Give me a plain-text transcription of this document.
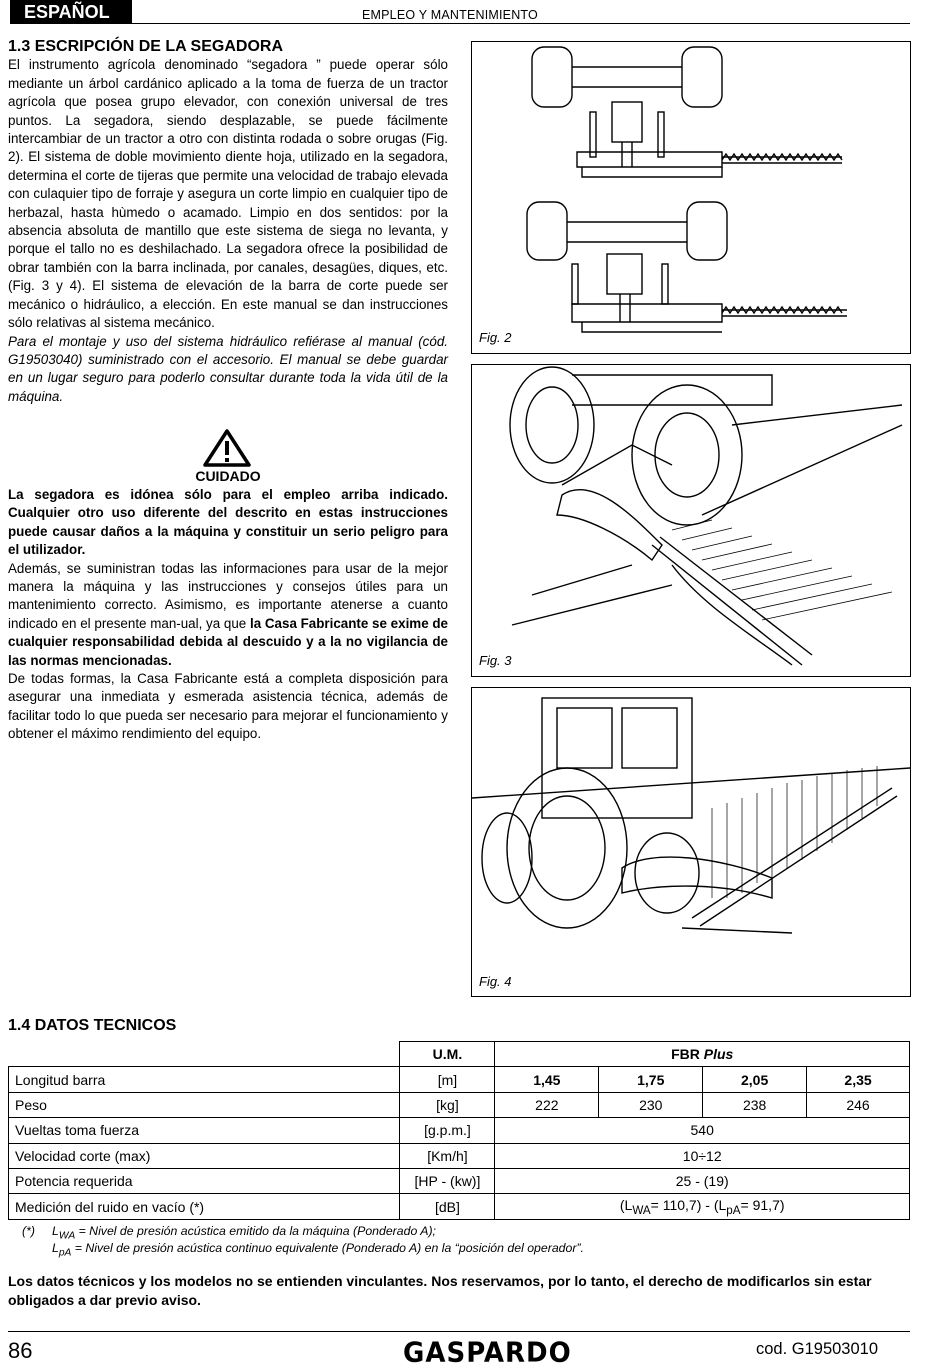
ESPAÑOL	EMPLEO Y MANTENIMIENTO
1.3 ESCRIPCIÓN DE LA SEGADORA

El instrumento agrícola denominado “segadora ” puede operar sólo mediante un árbol cardánico aplicado a la toma de fuerza de un tractor agrícola que posea grupo elevador, con conexión universal de tres puntos. La segadora, siendo desplazable, se puede fácilmente intercambiar de un tractor a otro con distinta rodada o sobre orugas (Fig. 2). El sistema de doble movimiento diente hoja, utilizado en la segadora, determina el corte de tijeras que permite una velocidad de trabajo elevada con culaquier tipo de forraje y asegura un corte limpio en cualquier tipo de herbazal, hasta hùmedo o acamado. Limpio en dos sentidos: por la absencia absoluta de mantillo que este sistema de siega no levanta, y porque el tallo no es deshilachado. La segadora ofrece la posibilidad de obrar también con la barra inclinada, por canales, desagües, diques, etc. (Fig. 3 y 4). El sistema de elevación de la barra de corte puede ser mecánico o hidráulico, a elección. En este manual se dan instrucciones sólo relativas al sistema mecánico.

Para el montaje y uso del sistema hidráulico refiérase al manual (cód. G19503040) suministrado con el accesorio. El manual se debe guardar en un lugar seguro para poderlo consultar durante toda la vida útil de la máquina.

CUIDADO

La segadora es idónea sólo para el empleo arriba indicado. Cualquier otro uso diferente del descrito en estas instrucciones puede causar daños a la máquina y constituir un serio peligro para el utilizador.

Además, se suministran todas las informaciones para usar de la mejor manera la máquina y las instrucciones y consejos útiles para un mantenimiento correcto. Asimismo, es importante atenerse a cuanto indicado en el presente man-ual, ya que la Casa Fabricante se exime de cualquier responsabilidad debida al descuido y a la no vigilancia de las normas mencionadas.

De todas formas, la Casa Fabricante está a completa disposición para asegurar una inmediata y esmerada asistencia técnica, además de facilitar todo lo que pueda ser necesario para mejorar el funcionamiento y obtener el máximo rendimiento del equipo.

Fig. 2
Fig. 3
Fig. 4
1.4 DATOS TECNICOS
	U.M.	FBR Plus			
Longitud barra	[m]	1,45	1,75	2,05	2,35
Peso	[kg]	222	230	238	246
Vueltas toma fuerza	[g.p.m.]	540			
Velocidad corte (max)	[Km/h]	10÷12			
Potencia requerida	[HP - (kw)]	25 - (19)			
Medición del ruido en vacío (*)	[dB]	$(L_{WA}= 110,7) - (L_{pA}= 91,7)$			
(*) $L_{WA}$ = Nivel de presión acústica emitido da la máquina (Ponderado A);
$L_{pA}$ = Nivel de presión acústica continuo equivalente (Ponderado A) en la “posición del operador”.
Los datos técnicos y los modelos no se entienden vinculantes. Nos reservamos, por lo tanto, el derecho de modificarlos sin estar obligados a dar previo aviso.
86	GASPARDO	cod. G19503010
